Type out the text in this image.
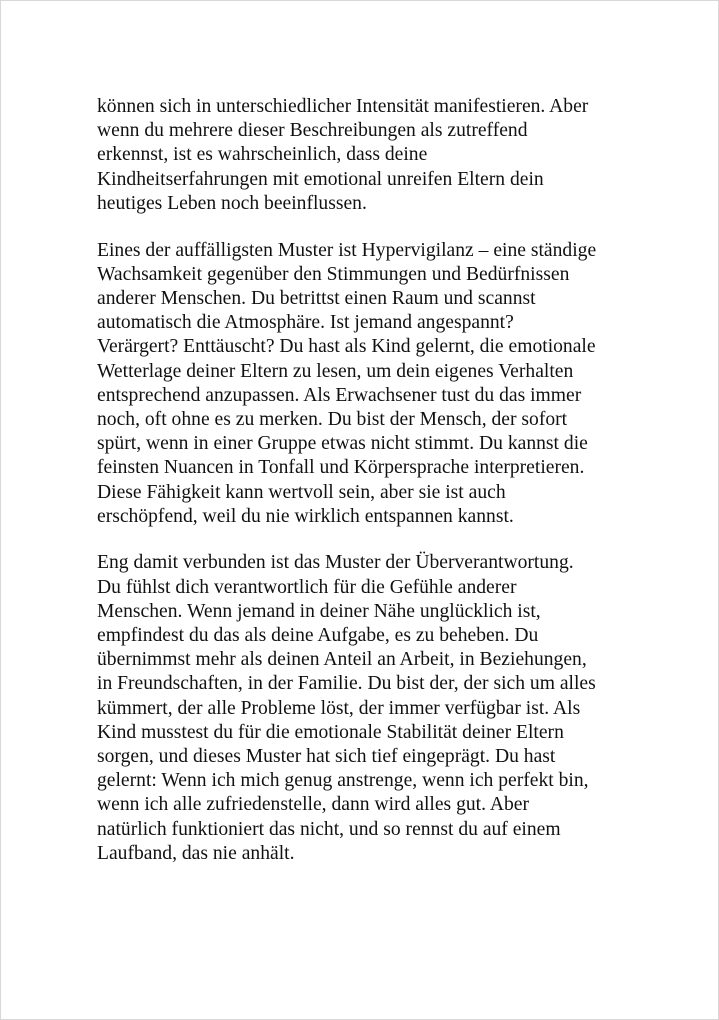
können sich in unterschiedlicher Intensität manifestieren. Aber
wenn du mehrere dieser Beschreibungen als zutreffend
erkennst, ist es wahrscheinlich, dass deine
Kindheitserfahrungen mit emotional unreifen Eltern dein
heutiges Leben noch beeinflussen.

Eines der auffälligsten Muster ist Hypervigilanz – eine ständige
Wachsamkeit gegenüber den Stimmungen und Bedürfnissen
anderer Menschen. Du betrittst einen Raum und scannst
automatisch die Atmosphäre. Ist jemand angespannt?
Verärgert? Enttäuscht? Du hast als Kind gelernt, die emotionale
Wetterlage deiner Eltern zu lesen, um dein eigenes Verhalten
entsprechend anzupassen. Als Erwachsener tust du das immer
noch, oft ohne es zu merken. Du bist der Mensch, der sofort
spürt, wenn in einer Gruppe etwas nicht stimmt. Du kannst die
feinsten Nuancen in Tonfall und Körpersprache interpretieren.
Diese Fähigkeit kann wertvoll sein, aber sie ist auch
erschöpfend, weil du nie wirklich entspannen kannst.

Eng damit verbunden ist das Muster der Überverantwortung.
Du fühlst dich verantwortlich für die Gefühle anderer
Menschen. Wenn jemand in deiner Nähe unglücklich ist,
empfindest du das als deine Aufgabe, es zu beheben. Du
übernimmst mehr als deinen Anteil an Arbeit, in Beziehungen,
in Freundschaften, in der Familie. Du bist der, der sich um alles
kümmert, der alle Probleme löst, der immer verfügbar ist. Als
Kind musstest du für die emotionale Stabilität deiner Eltern
sorgen, und dieses Muster hat sich tief eingeprägt. Du hast
gelernt: Wenn ich mich genug anstrenge, wenn ich perfekt bin,
wenn ich alle zufriedenstelle, dann wird alles gut. Aber
natürlich funktioniert das nicht, und so rennst du auf einem
Laufband, das nie anhält.
